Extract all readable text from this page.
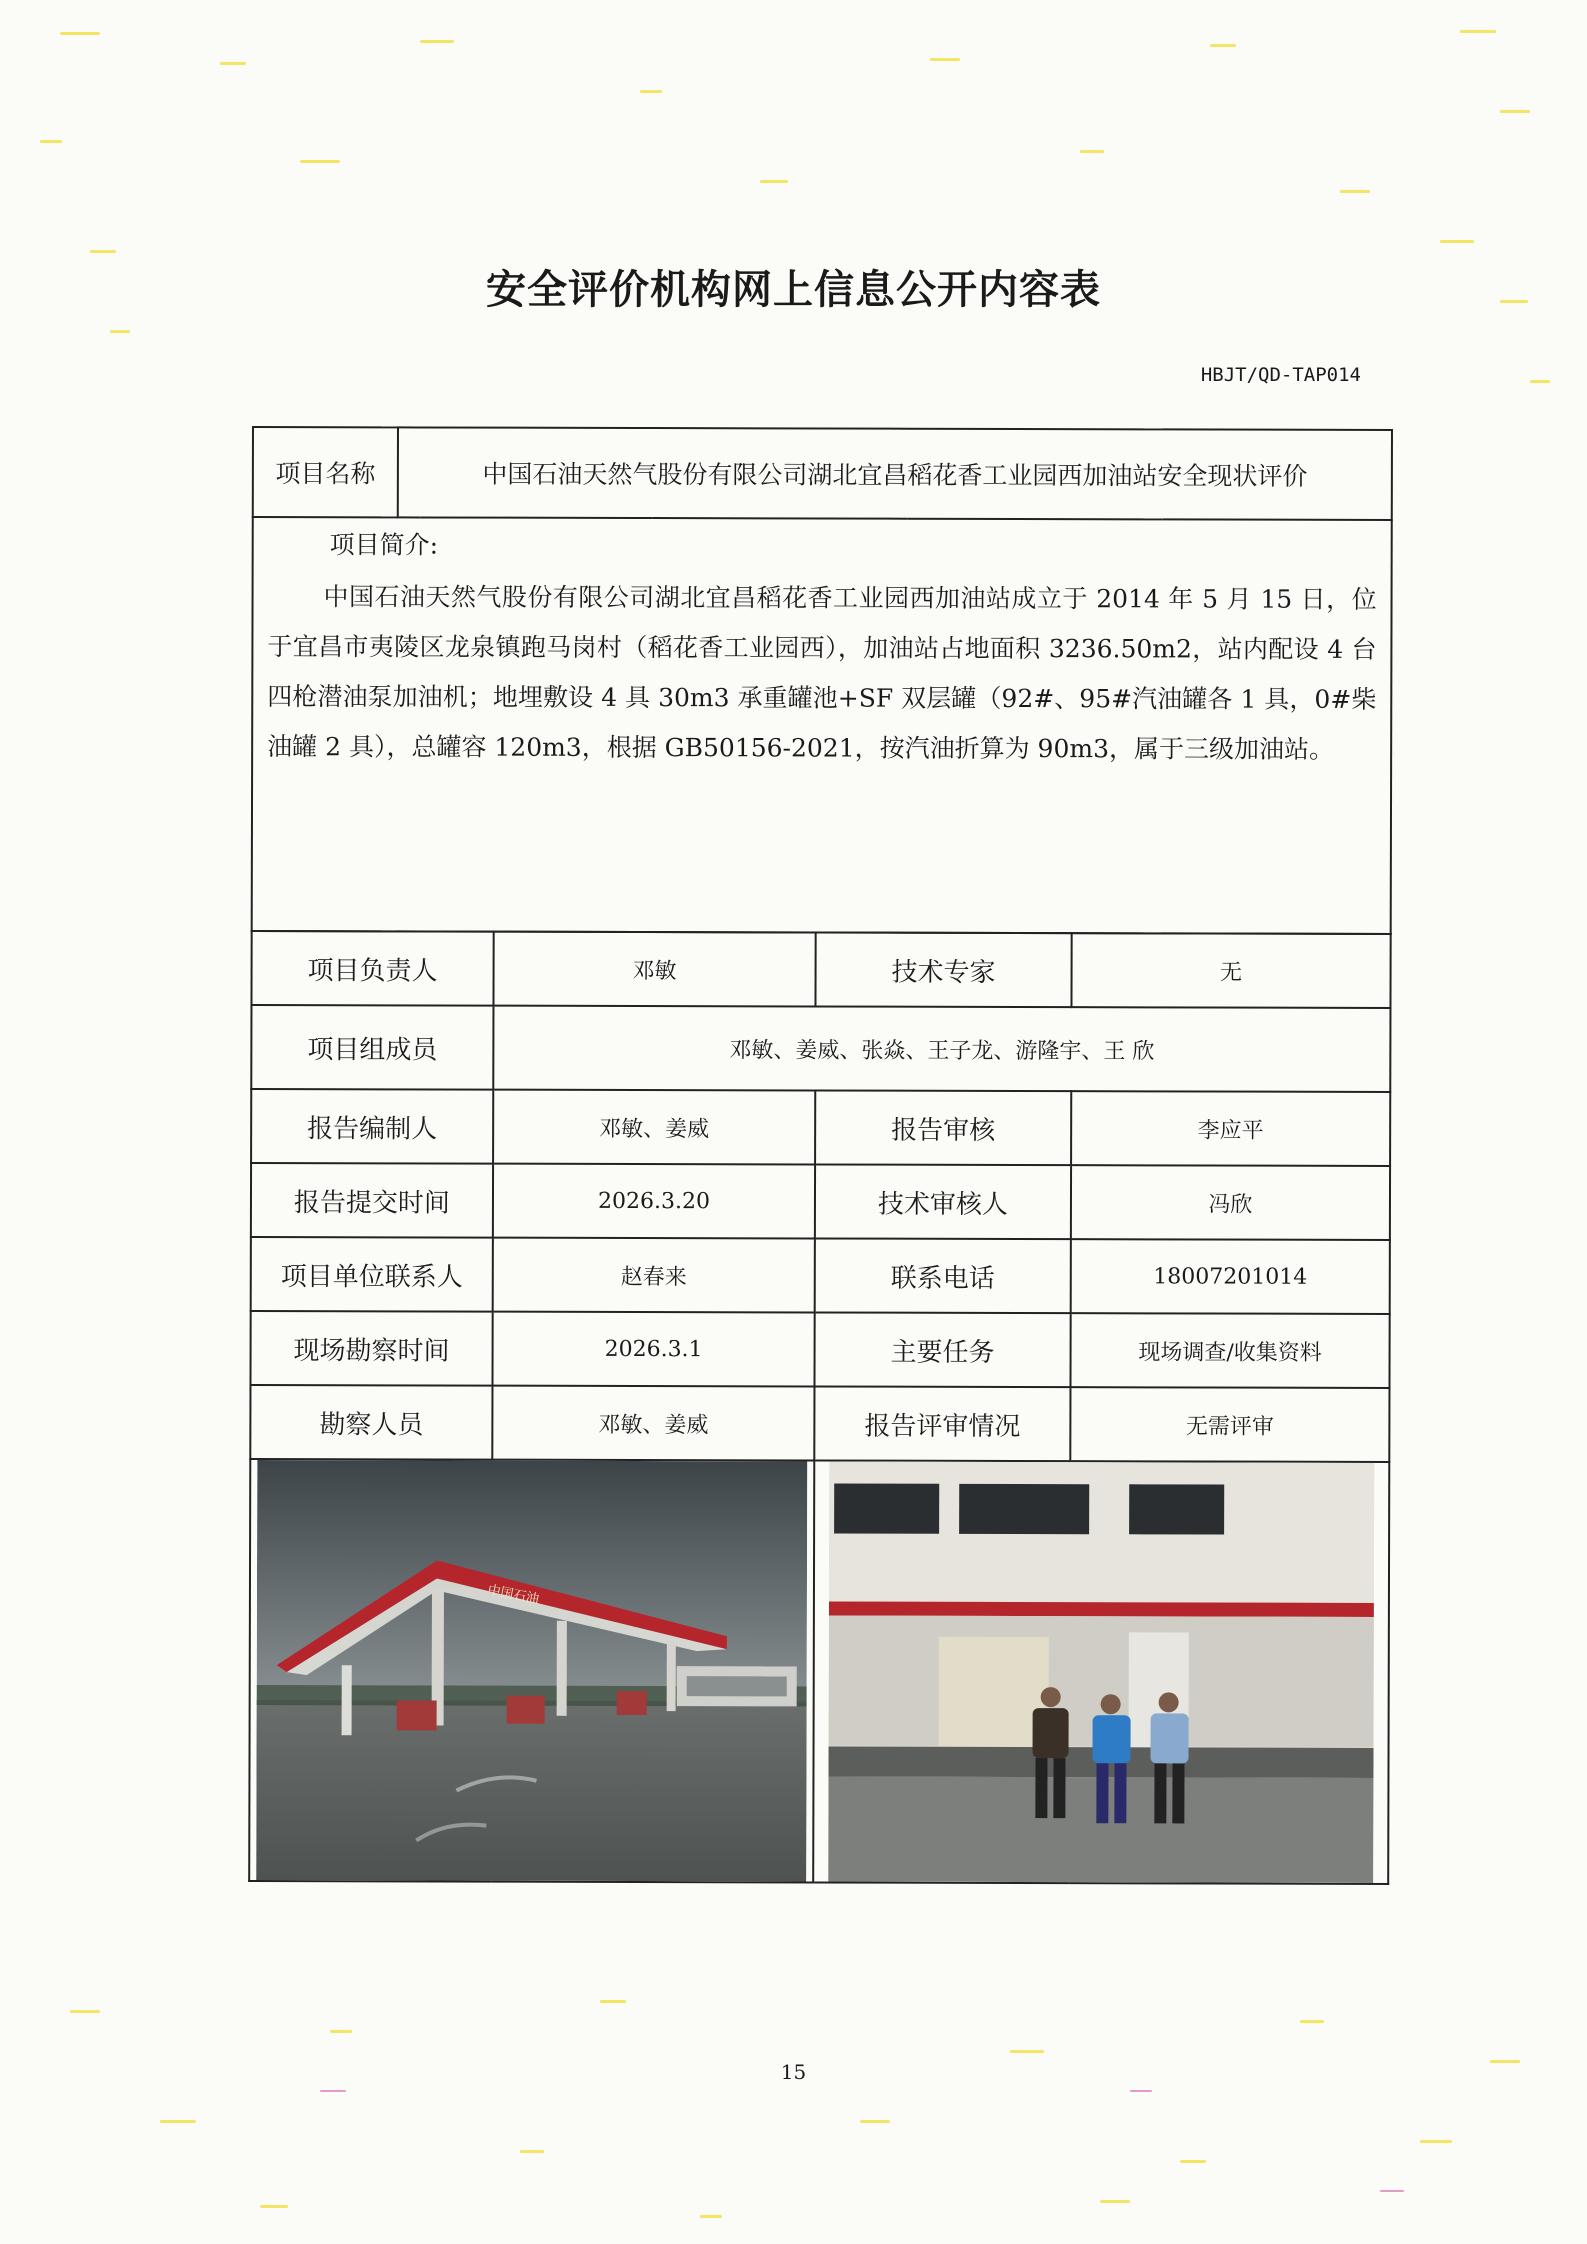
安全评价机构网上信息公开内容表
HBJT/QD-TAP014
项目名称	中国石油天然气股份有限公司湖北宜昌稻花香工业园西加油站安全现状评价

项目简介:
中国石油天然气股份有限公司湖北宜昌稻花香工业园西加油站成立于 2014 年 5 月 15 日，位于宜昌市夷陵区龙泉镇跑马岗村（稻花香工业园西），加油站占地面积 3236.50m2，站内配设 4 台四枪潜油泵加油机；地埋敷设 4 具 30m3 承重罐池+SF 双层罐（92#、95#汽油罐各 1 具，0#柴油罐 2 具），总罐容 120m3，根据 GB50156-2021，按汽油折算为 90m3，属于三级加油站。
项目负责人	邓敏	技术专家	无
项目组成员	邓敏、姜威、张焱、王子龙、游隆宇、王 欣		
报告编制人	邓敏、姜威	报告审核	李应平
报告提交时间	2026.3.20	技术审核人	冯欣
项目单位联系人	赵春来	联系电话	18007201014
现场勘察时间	2026.3.1	主要任务	现场调查/收集资料
勘察人员	邓敏、姜威	报告评审情况	无需评审

中国石油

15
